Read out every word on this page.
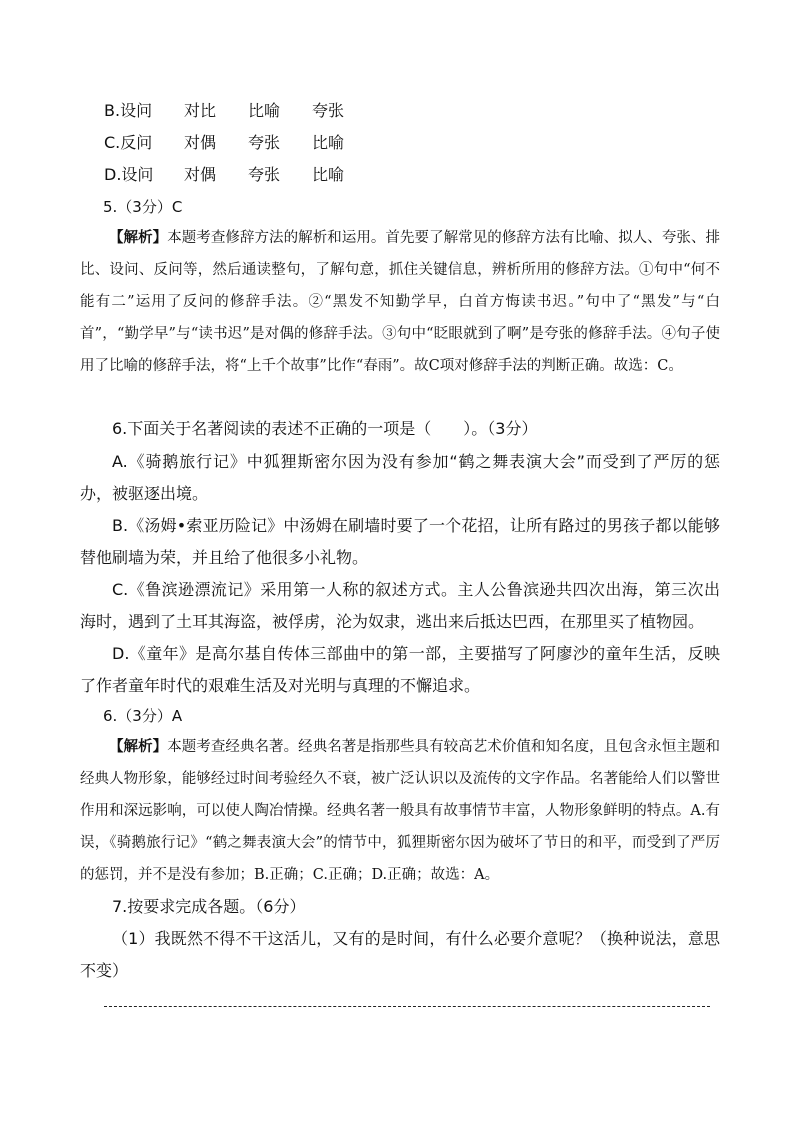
B.设问 对比 比喻 夸张
C.反问 对偶 夸张 比喻
D.设问 对偶 夸张 比喻
5.（3分）C

【解析】本题考查修辞方法的解析和运用。首先要了解常见的修辞方法有比喻、拟人、夸张、排比、设问、反问等，然后通读整句，了解句意，抓住关键信息，辨析所用的修辞方法。①句中“何不能有二”运用了反问的修辞手法。②“黑发不知勤学早，白首方悔读书迟。”句中了“黑发”与“白首”，“勤学早”与“读书迟”是对偶的修辞手法。③句中“眨眼就到了啊”是夸张的修辞手法。④句子使用了比喻的修辞手法，将“上千个故事”比作“春雨”。故C项对修辞手法的判断正确。故选：C。

6.下面关于名著阅读的表述不正确的一项是（　　）。（3分）

A.《骑鹅旅行记》中狐狸斯密尔因为没有参加“鹤之舞表演大会”而受到了严厉的惩办，被驱逐出境。

B.《汤姆•索亚历险记》中汤姆在刷墙时要了一个花招，让所有路过的男孩子都以能够替他刷墙为荣，并且给了他很多小礼物。

C.《鲁滨逊漂流记》采用第一人称的叙述方式。主人公鲁滨逊共四次出海，第三次出海时，遇到了土耳其海盗，被俘虏，沦为奴隶，逃出来后抵达巴西，在那里买了植物园。

D.《童年》是高尔基自传体三部曲中的第一部，主要描写了阿廖沙的童年生活，反映了作者童年时代的艰难生活及对光明与真理的不懈追求。

6.（3分）A

【解析】本题考查经典名著。经典名著是指那些具有较高艺术价值和知名度，且包含永恒主题和经典人物形象，能够经过时间考验经久不衰，被广泛认识以及流传的文字作品。名著能给人们以警世作用和深远影响，可以使人陶冶情操。经典名著一般具有故事情节丰富，人物形象鲜明的特点。A.有误，《骑鹅旅行记》“鹤之舞表演大会”的情节中，狐狸斯密尔因为破坏了节日的和平，而受到了严厉的惩罚，并不是没有参加；B.正确；C.正确；D.正确；故选：A。

7.按要求完成各题。（6分）

（1）我既然不得不干这活儿，又有的是时间，有什么必要介意呢？（换种说法，意思不变）
